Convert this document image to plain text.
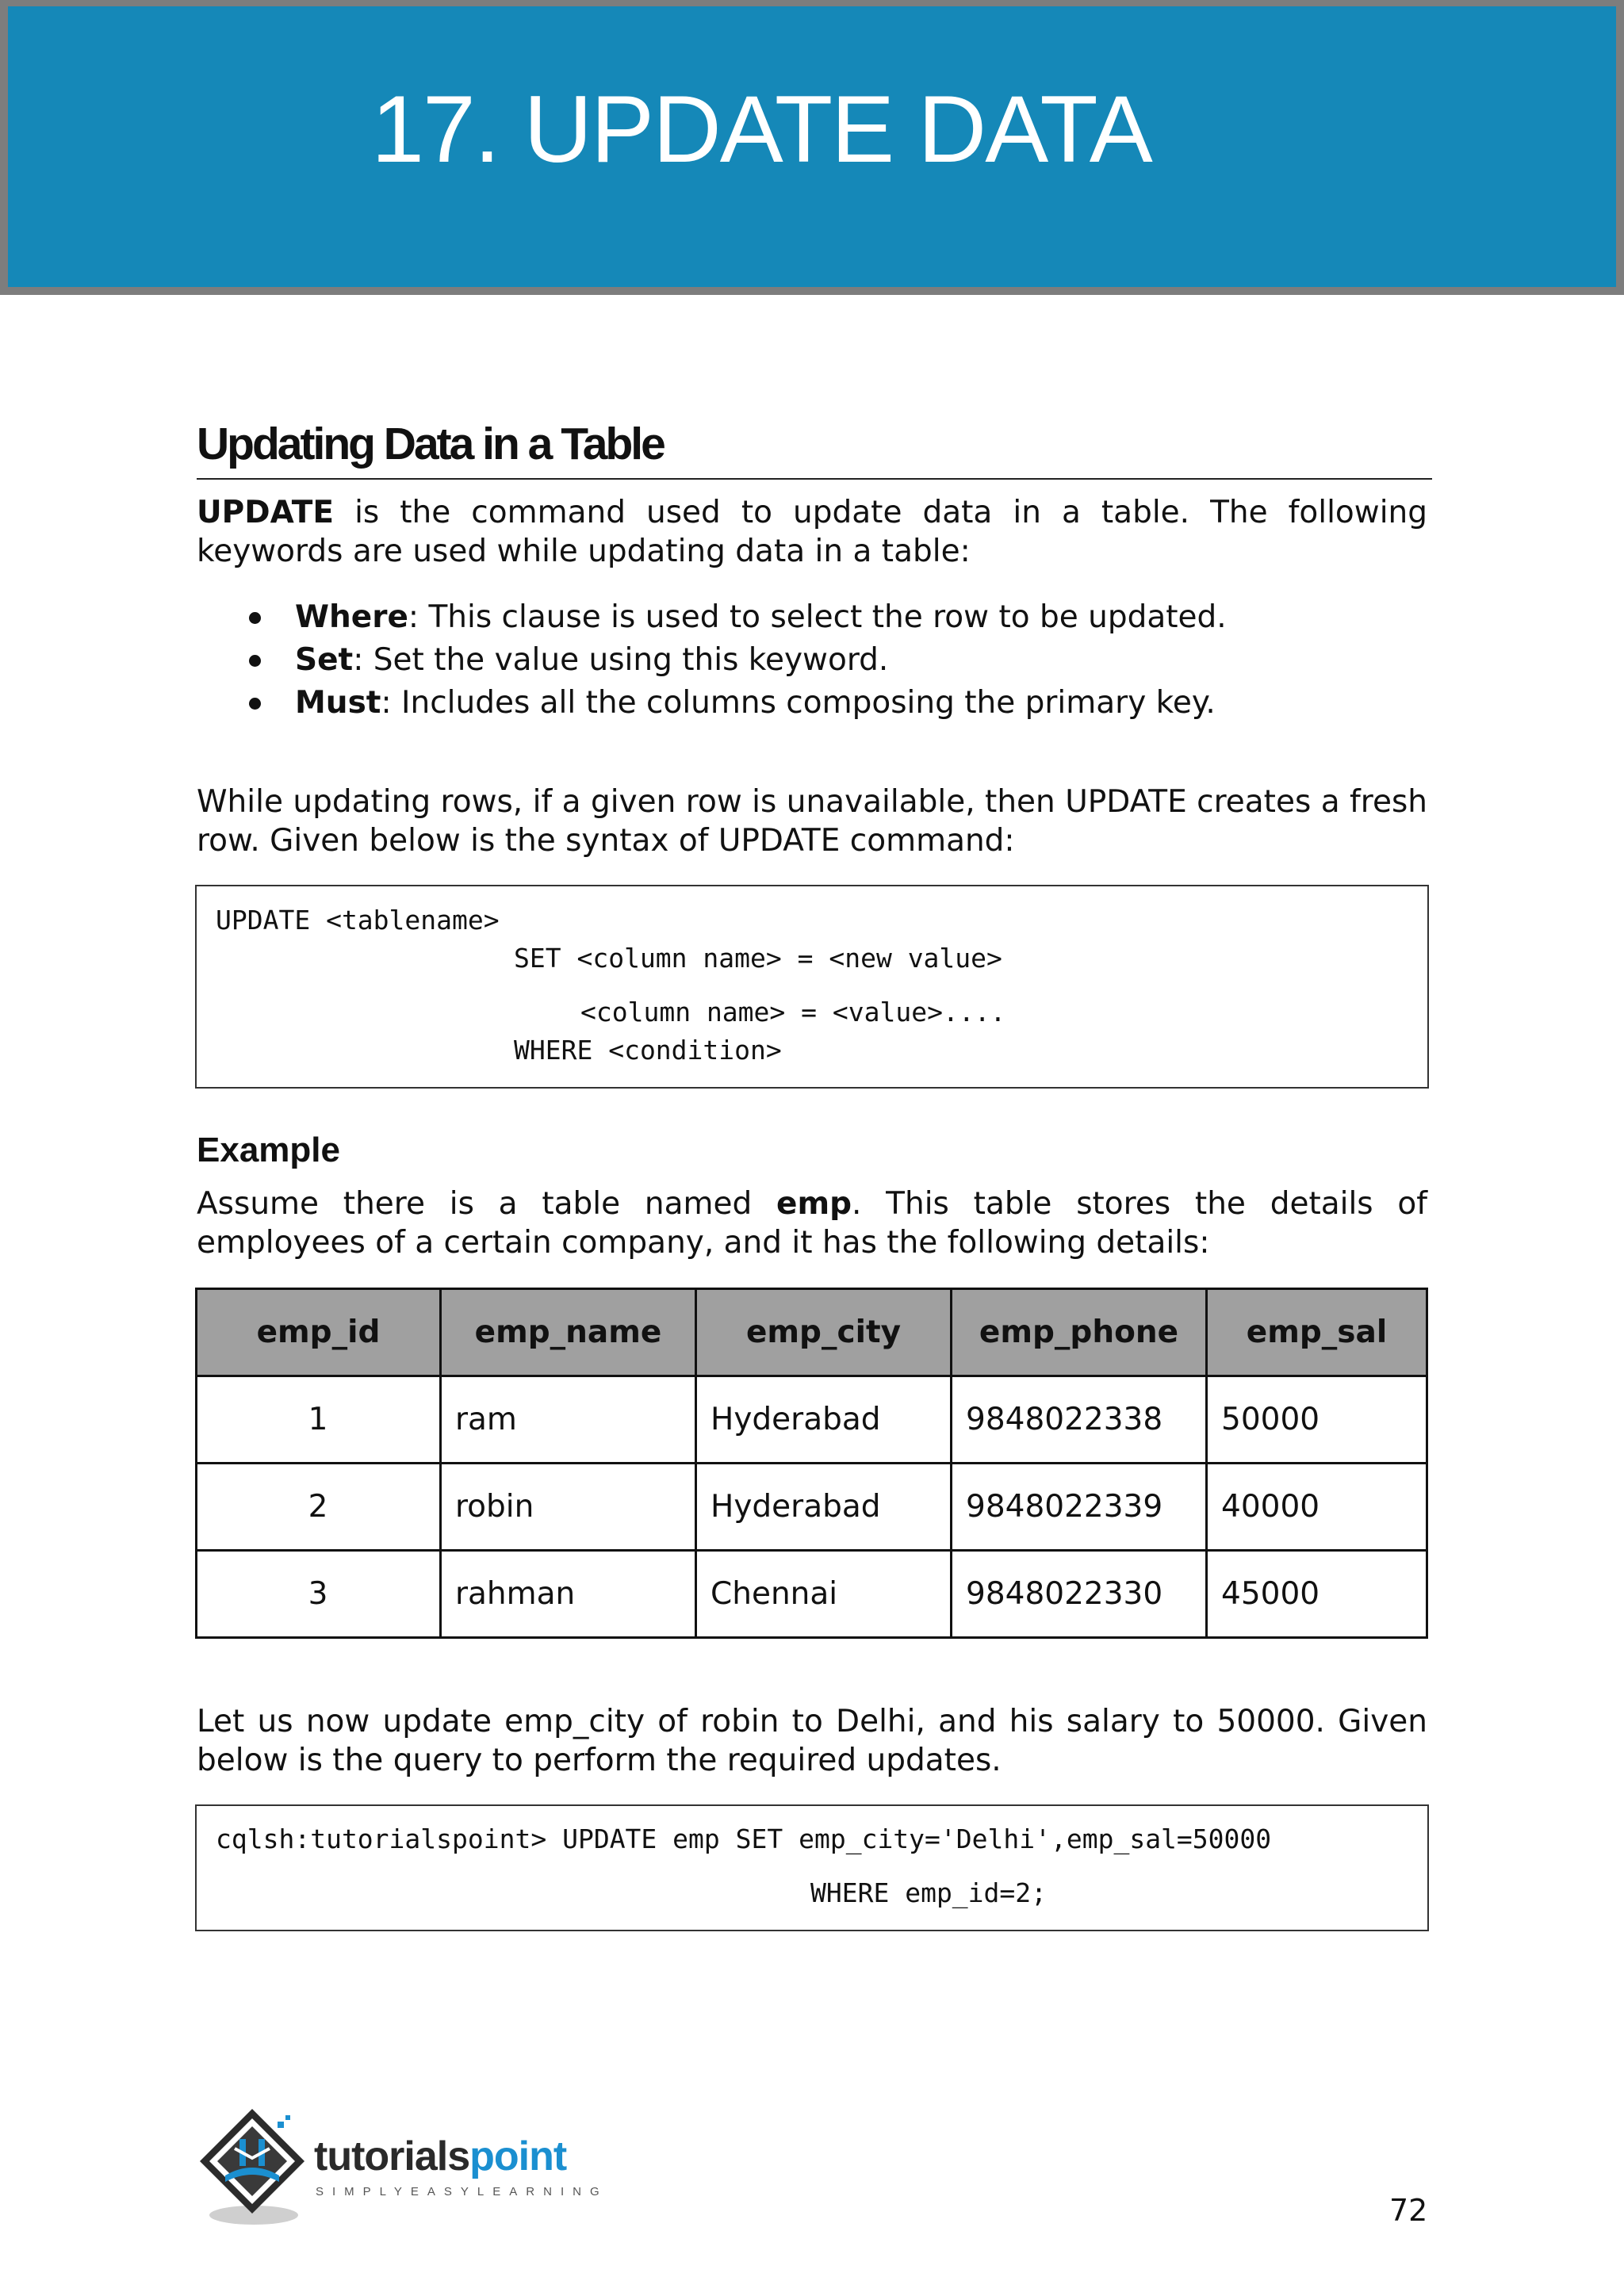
17. UPDATE DATA
Updating Data in a Table
UPDATE is the command used to update data in a table. The following keywords are used while updating data in a table:
Where: This clause is used to select the row to be updated.
Set: Set the value using this keyword.
Must: Includes all the columns composing the primary key.
While updating rows, if a given row is unavailable, then UPDATE creates a fresh row. Given below is the syntax of UPDATE command:
UPDATE <tablename>
SET <column name> = <new value>
<column name> = <value>....
WHERE <condition>
Example
Assume there is a table named emp. This table stores the details of employees of a certain company, and it has the following details:
emp_id	emp_name	emp_city	emp_phone	emp_sal
1	ram	Hyderabad	9848022338	50000
2	robin	Hyderabad	9848022339	40000
3	rahman	Chennai	9848022330	45000
Let us now update emp_city of robin to Delhi, and his salary to 50000. Given below is the query to perform the required updates.
cqlsh:tutorialspoint> UPDATE emp SET emp_city='Delhi',emp_sal=50000
WHERE emp_id=2;
tutorialspoint
SIMPLYEASYLEARNING
72
